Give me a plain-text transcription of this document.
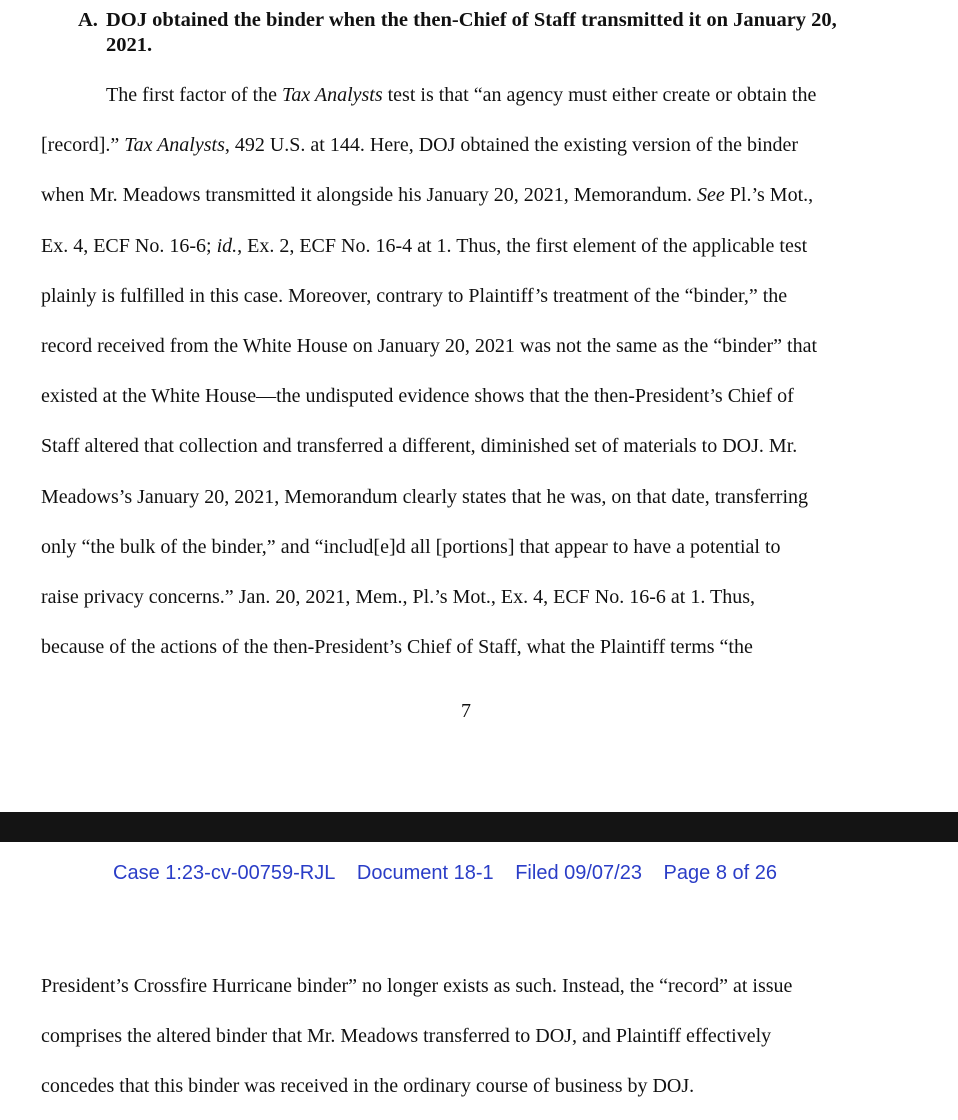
A. DOJ obtained the binder when the then-Chief of Staff transmitted it on January 20,
2021.
The first factor of the Tax Analysts test is that “an agency must either create or obtain the
[record].” Tax Analysts, 492 U.S. at 144. Here, DOJ obtained the existing version of the binder
when Mr. Meadows transmitted it alongside his January 20, 2021, Memorandum. See Pl.’s Mot.,
Ex. 4, ECF No. 16-6; id., Ex. 2, ECF No. 16-4 at 1. Thus, the first element of the applicable test
plainly is fulfilled in this case. Moreover, contrary to Plaintiff’s treatment of the “binder,” the
record received from the White House on January 20, 2021 was not the same as the “binder” that
existed at the White House—the undisputed evidence shows that the then-President’s Chief of
Staff altered that collection and transferred a different, diminished set of materials to DOJ. Mr.
Meadows’s January 20, 2021, Memorandum clearly states that he was, on that date, transferring
only “the bulk of the binder,” and “includ[e]d all [portions] that appear to have a potential to
raise privacy concerns.” Jan. 20, 2021, Mem., Pl.’s Mot., Ex. 4, ECF No. 16-6 at 1. Thus,
because of the actions of the then-President’s Chief of Staff, what the Plaintiff terms “the
7
Case 1:23-cv-00759-RJL Document 18-1 Filed 09/07/23 Page 8 of 26
President’s Crossfire Hurricane binder” no longer exists as such. Instead, the “record” at issue
comprises the altered binder that Mr. Meadows transferred to DOJ, and Plaintiff effectively
concedes that this binder was received in the ordinary course of business by DOJ.
